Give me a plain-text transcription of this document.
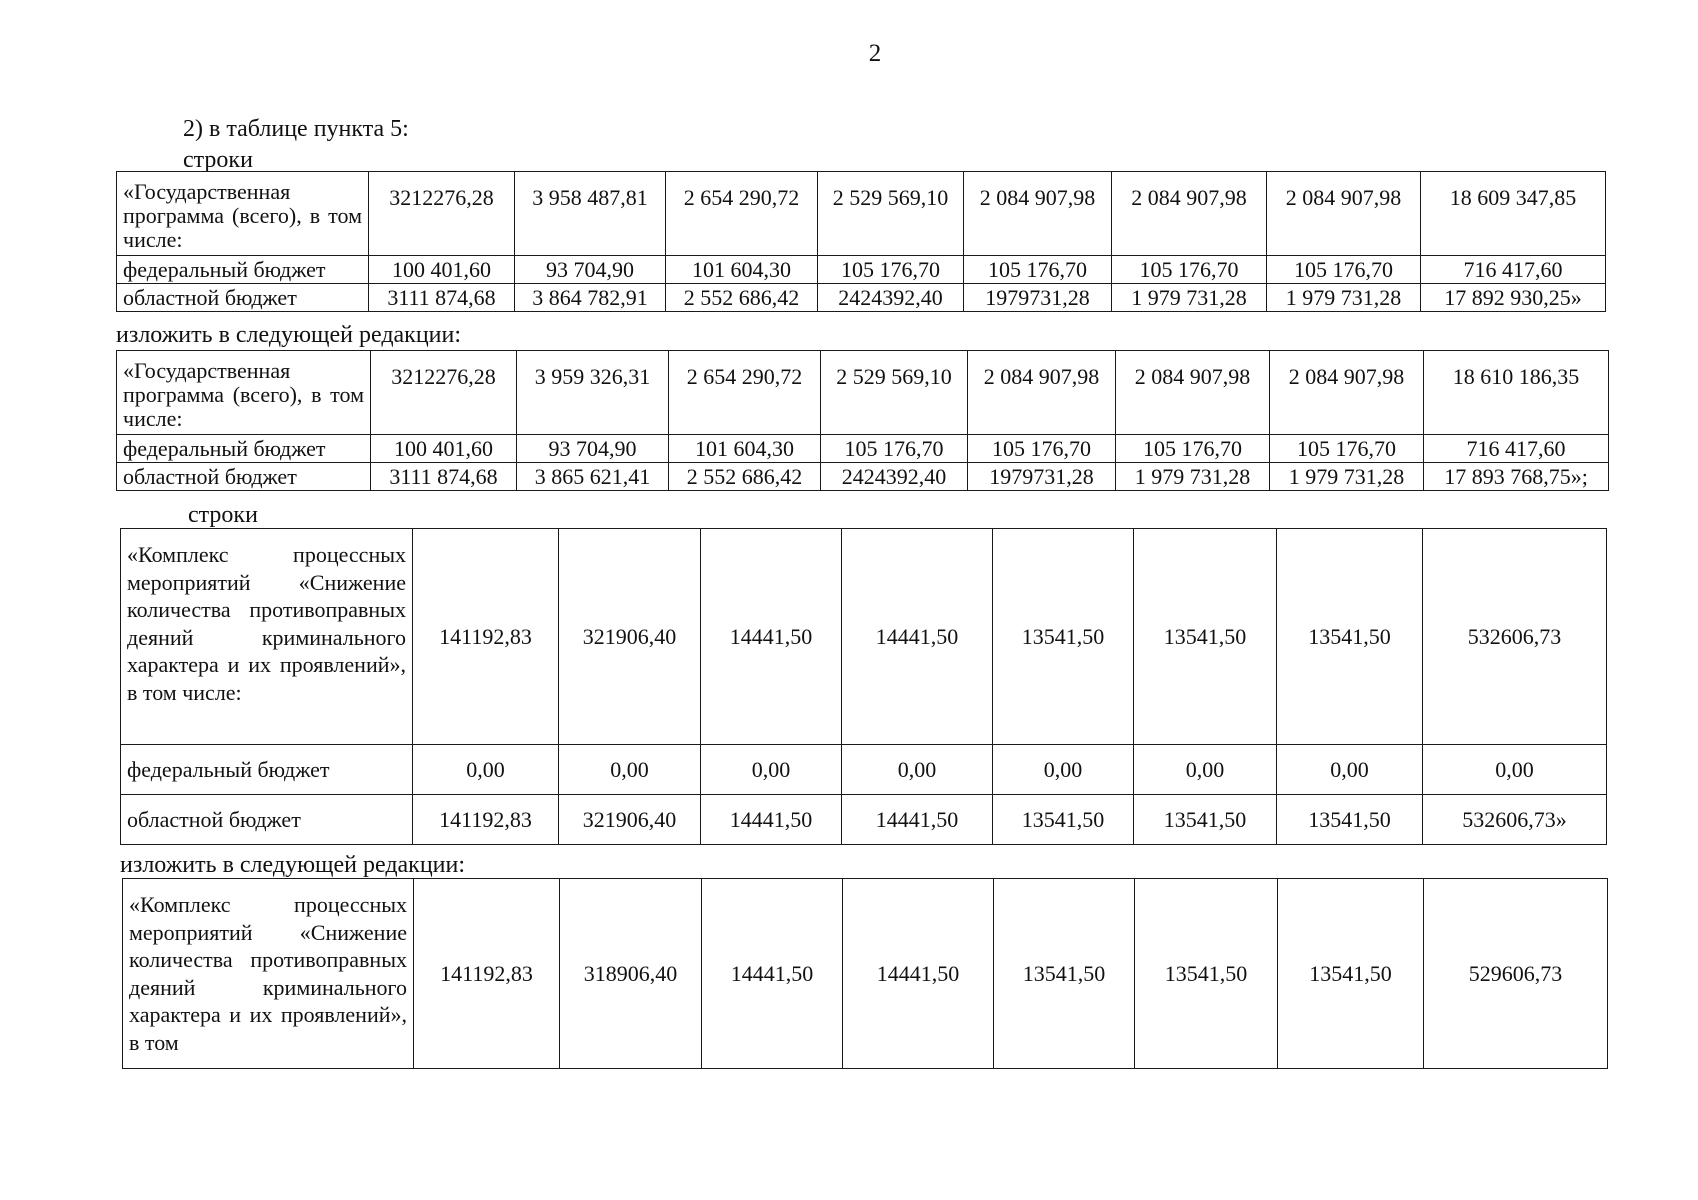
2
2) в таблице пункта 5:
строки
«Государственная программа (всего), в том числе:	3212276,28	3 958 487,81	2 654 290,72	2 529 569,10	2 084 907,98	2 084 907,98	2 084 907,98	18 609 347,85
федеральный бюджет	100 401,60	93 704,90	101 604,30	105 176,70	105 176,70	105 176,70	105 176,70	716 417,60
областной бюджет	3111 874,68	3 864 782,91	2 552 686,42	2424392,40	1979731,28	1 979 731,28	1 979 731,28	17 892 930,25»
изложить в следующей редакции:
«Государственная программа (всего), в том числе:	3212276,28	3 959 326,31	2 654 290,72	2 529 569,10	2 084 907,98	2 084 907,98	2 084 907,98	18 610 186,35
федеральный бюджет	100 401,60	93 704,90	101 604,30	105 176,70	105 176,70	105 176,70	105 176,70	716 417,60
областной бюджет	3111 874,68	3 865 621,41	2 552 686,42	2424392,40	1979731,28	1 979 731,28	1 979 731,28	17 893 768,75»;
строки
«Комплекс процессных мероприятий «Снижение количества противоправных деяний криминального характера и их проявлений», в том числе:	141192,83	321906,40	14441,50	14441,50	13541,50	13541,50	13541,50	532606,73
федеральный бюджет	0,00	0,00	0,00	0,00	0,00	0,00	0,00	0,00
областной бюджет	141192,83	321906,40	14441,50	14441,50	13541,50	13541,50	13541,50	532606,73»
изложить в следующей редакции:
«Комплекс процессных мероприятий «Снижение количества противоправных деяний криминального характера и их проявлений», в том	141192,83	318906,40	14441,50	14441,50	13541,50	13541,50	13541,50	529606,73
